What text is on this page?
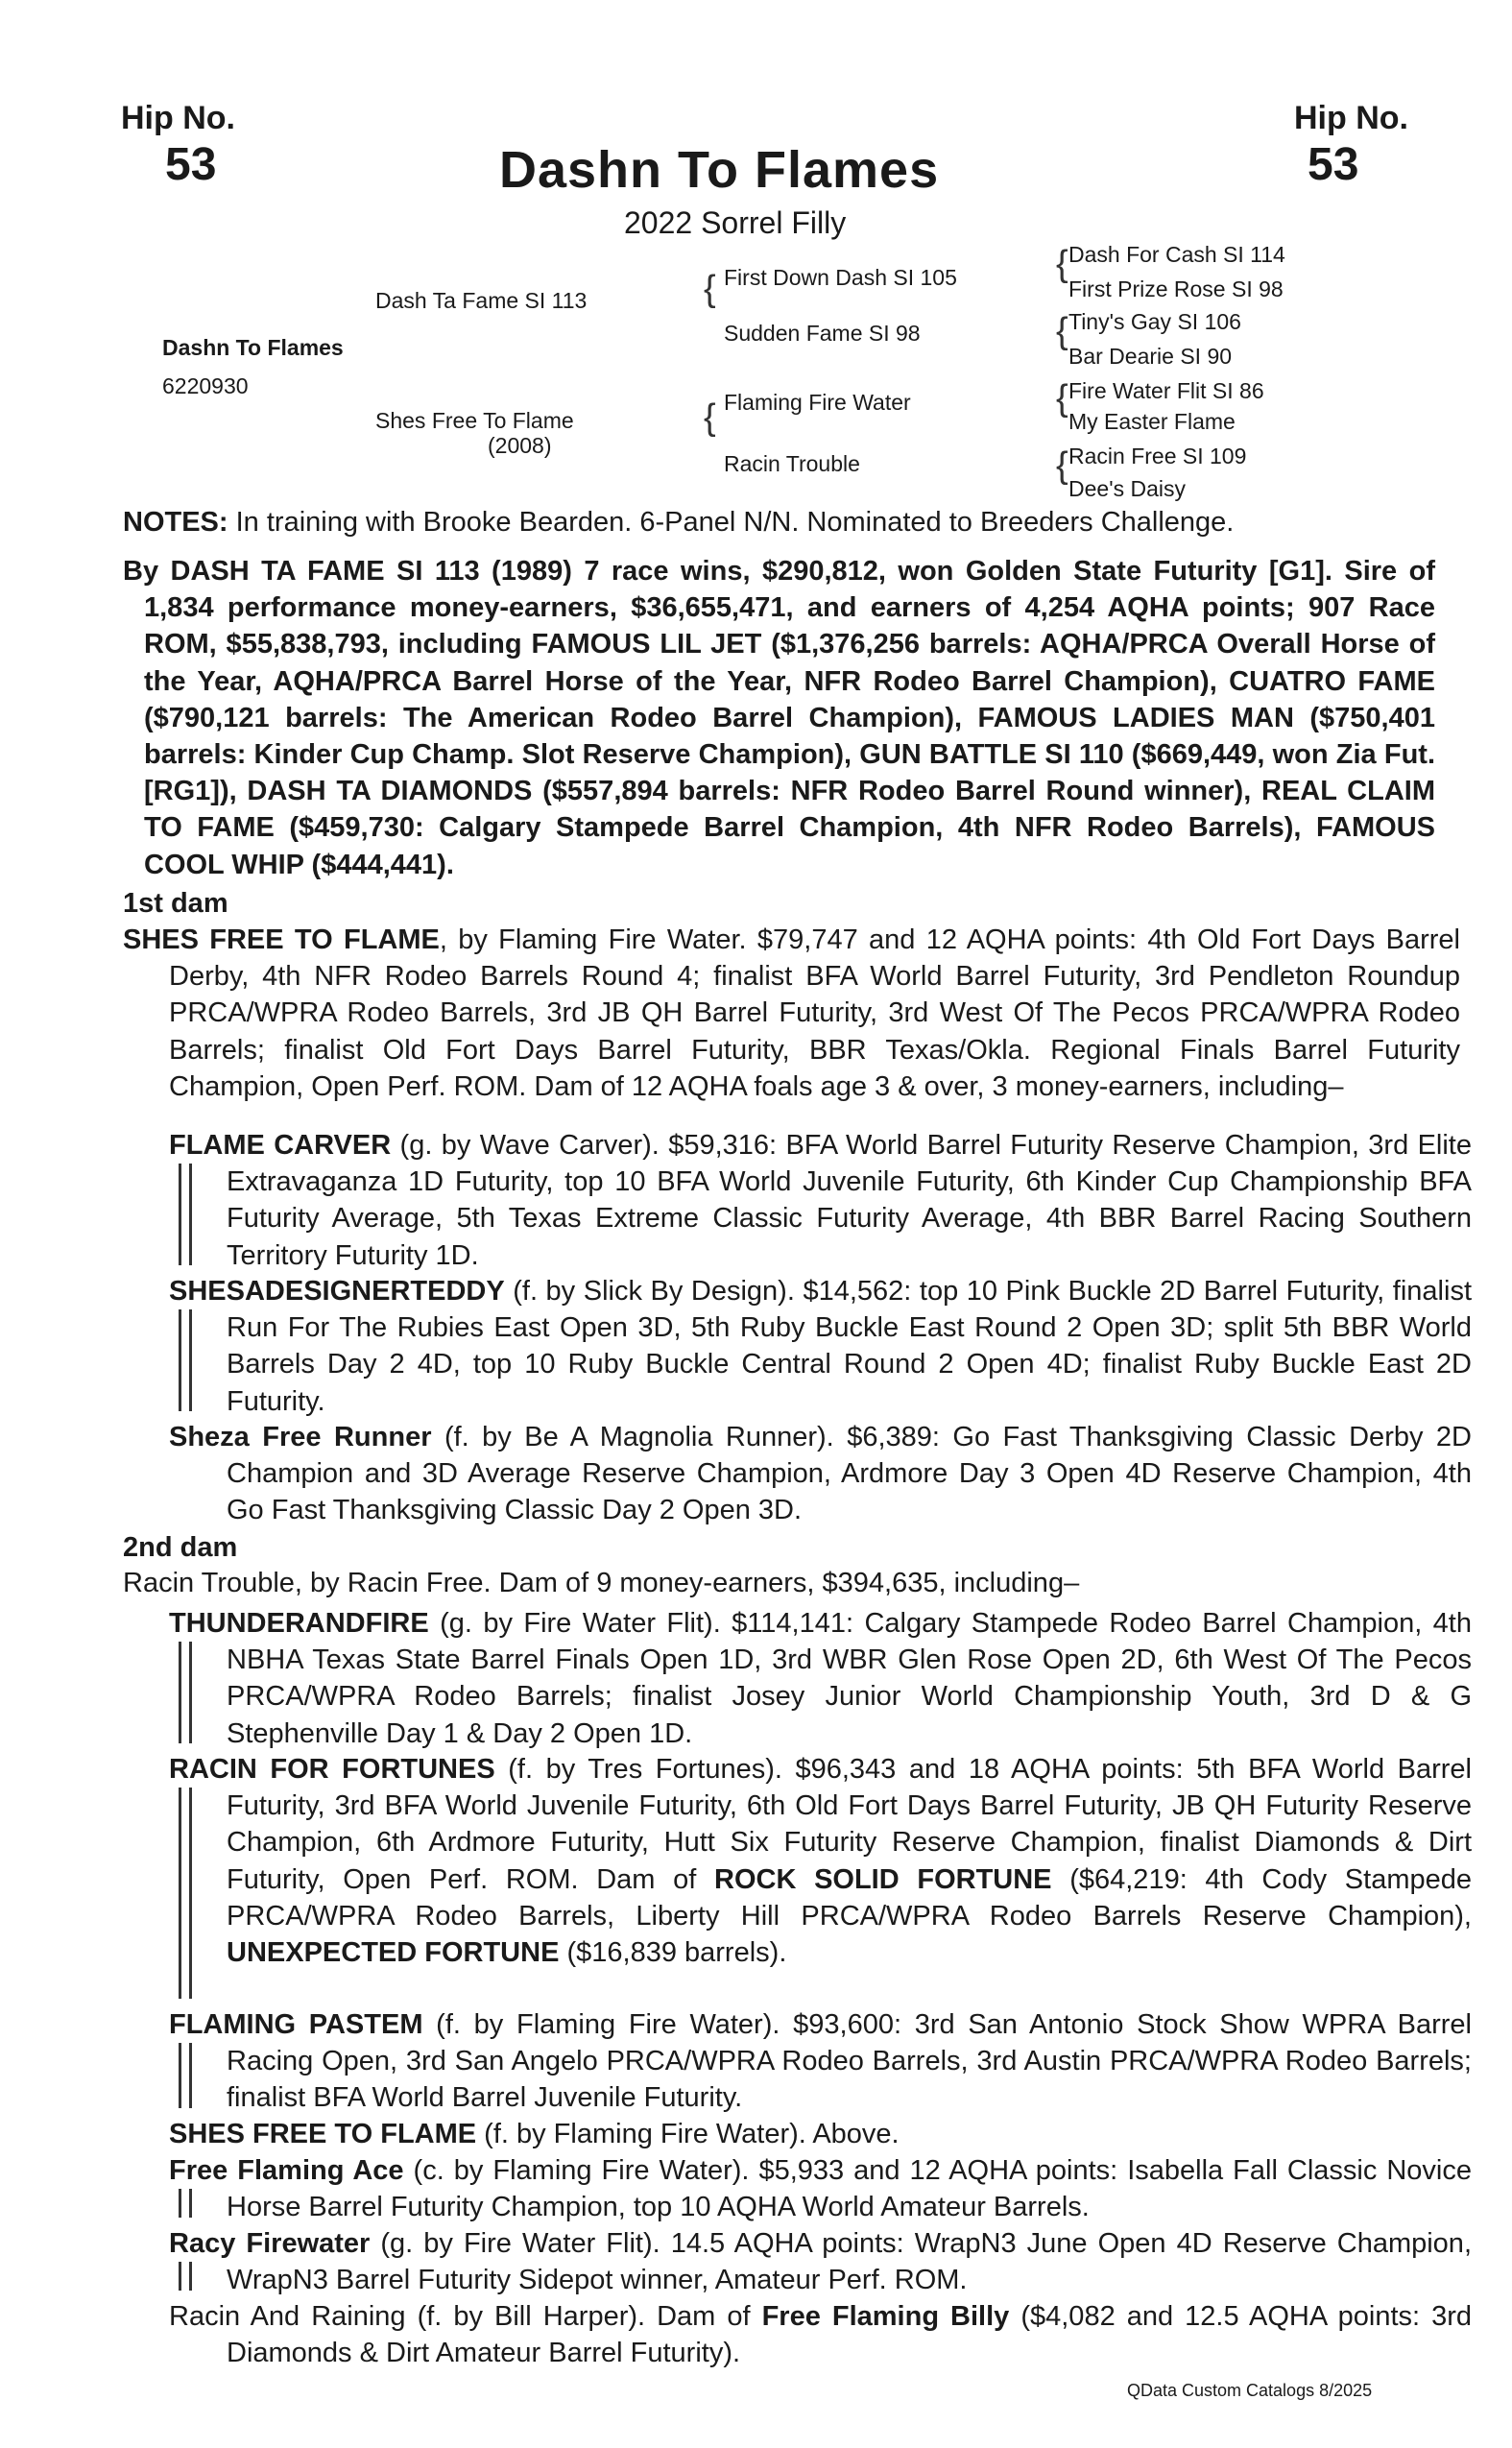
Hip No.
53
Hip No.
53
Dashn To Flames
2022 Sorrel Filly
Dashn To Flames
6220930
Dash Ta Fame SI 113
Shes Free To Flame
(2008)
{ First Down Dash SI 105
Sudden Fame SI 98
{ Flaming Fire Water
Racin Trouble
{ Dash For Cash SI 114
First Prize Rose SI 98
{ Tiny's Gay SI 106
Bar Dearie SI 90
{ Fire Water Flit SI 86
My Easter Flame
{ Racin Free SI 109
Dee's Daisy
NOTES: In training with Brooke Bearden. 6-Panel N/N. Nominated to Breeders Challenge.
By DASH TA FAME SI 113 (1989) 7 race wins, $290,812, won Golden State Futurity [G1]. Sire of 1,834 performance money-earners, $36,655,471, and earners of 4,254 AQHA points; 907 Race ROM, $55,838,793, including FAMOUS LIL JET ($1,376,256 barrels: AQHA/PRCA Overall Horse of the Year, AQHA/PRCA Barrel Horse of the Year, NFR Rodeo Barrel Champion), CUATRO FAME ($790,121 barrels: The American Rodeo Barrel Champion), FAMOUS LADIES MAN ($750,401 barrels: Kinder Cup Champ. Slot Reserve Champion), GUN BATTLE SI 110 ($669,449, won Zia Fut. [RG1]), DASH TA DIAMONDS ($557,894 barrels: NFR Rodeo Barrel Round winner), REAL CLAIM TO FAME ($459,730: Calgary Stampede Barrel Champion, 4th NFR Rodeo Barrels), FAMOUS COOL WHIP ($444,441).
1st dam
SHES FREE TO FLAME, by Flaming Fire Water. $79,747 and 12 AQHA points: 4th Old Fort Days Barrel Derby, 4th NFR Rodeo Barrels Round 4; finalist BFA World Barrel Futurity, 3rd Pendleton Roundup PRCA/WPRA Rodeo Barrels, 3rd JB QH Barrel Futurity, 3rd West Of The Pecos PRCA/WPRA Rodeo Barrels; finalist Old Fort Days Barrel Futurity, BBR Texas/Okla. Regional Finals Barrel Futurity Champion, Open Perf. ROM. Dam of 12 AQHA foals age 3 & over, 3 money-earners, including–
FLAME CARVER (g. by Wave Carver). $59,316: BFA World Barrel Futurity Reserve Champion, 3rd Elite Extravaganza 1D Futurity, top 10 BFA World Juvenile Futurity, 6th Kinder Cup Championship BFA Futurity Average, 5th Texas Extreme Classic Futurity Average, 4th BBR Barrel Racing Southern Territory Futurity 1D.
SHESADESIGNERTEDDY (f. by Slick By Design). $14,562: top 10 Pink Buckle 2D Barrel Futurity, finalist Run For The Rubies East Open 3D, 5th Ruby Buckle East Round 2 Open 3D; split 5th BBR World Barrels Day 2 4D, top 10 Ruby Buckle Central Round 2 Open 4D; finalist Ruby Buckle East 2D Futurity.
Sheza Free Runner (f. by Be A Magnolia Runner). $6,389: Go Fast Thanksgiving Classic Derby 2D Champion and 3D Average Reserve Champion, Ardmore Day 3 Open 4D Reserve Champion, 4th Go Fast Thanksgiving Classic Day 2 Open 3D.
2nd dam
Racin Trouble, by Racin Free. Dam of 9 money-earners, $394,635, including–
THUNDERANDFIRE (g. by Fire Water Flit). $114,141: Calgary Stampede Rodeo Barrel Champion, 4th NBHA Texas State Barrel Finals Open 1D, 3rd WBR Glen Rose Open 2D, 6th West Of The Pecos PRCA/WPRA Rodeo Barrels; finalist Josey Junior World Championship Youth, 3rd D & G Stephenville Day 1 & Day 2 Open 1D.
RACIN FOR FORTUNES (f. by Tres Fortunes). $96,343 and 18 AQHA points: 5th BFA World Barrel Futurity, 3rd BFA World Juvenile Futurity, 6th Old Fort Days Barrel Futurity, JB QH Futurity Reserve Champion, 6th Ardmore Futurity, Hutt Six Futurity Reserve Champion, finalist Diamonds & Dirt Futurity, Open Perf. ROM. Dam of ROCK SOLID FORTUNE ($64,219: 4th Cody Stampede PRCA/WPRA Rodeo Barrels, Liberty Hill PRCA/WPRA Rodeo Barrels Reserve Champion), UNEXPECTED FORTUNE ($16,839 barrels).
FLAMING PASTEM (f. by Flaming Fire Water). $93,600: 3rd San Antonio Stock Show WPRA Barrel Racing Open, 3rd San Angelo PRCA/WPRA Rodeo Barrels, 3rd Austin PRCA/WPRA Rodeo Barrels; finalist BFA World Barrel Juvenile Futurity.
SHES FREE TO FLAME (f. by Flaming Fire Water). Above.
Free Flaming Ace (c. by Flaming Fire Water). $5,933 and 12 AQHA points: Isabella Fall Classic Novice Horse Barrel Futurity Champion, top 10 AQHA World Amateur Barrels.
Racy Firewater (g. by Fire Water Flit). 14.5 AQHA points: WrapN3 June Open 4D Reserve Champion, WrapN3 Barrel Futurity Sidepot winner, Amateur Perf. ROM.
Racin And Raining (f. by Bill Harper). Dam of Free Flaming Billy ($4,082 and 12.5 AQHA points: 3rd Diamonds & Dirt Amateur Barrel Futurity).
QData Custom Catalogs 8/2025
